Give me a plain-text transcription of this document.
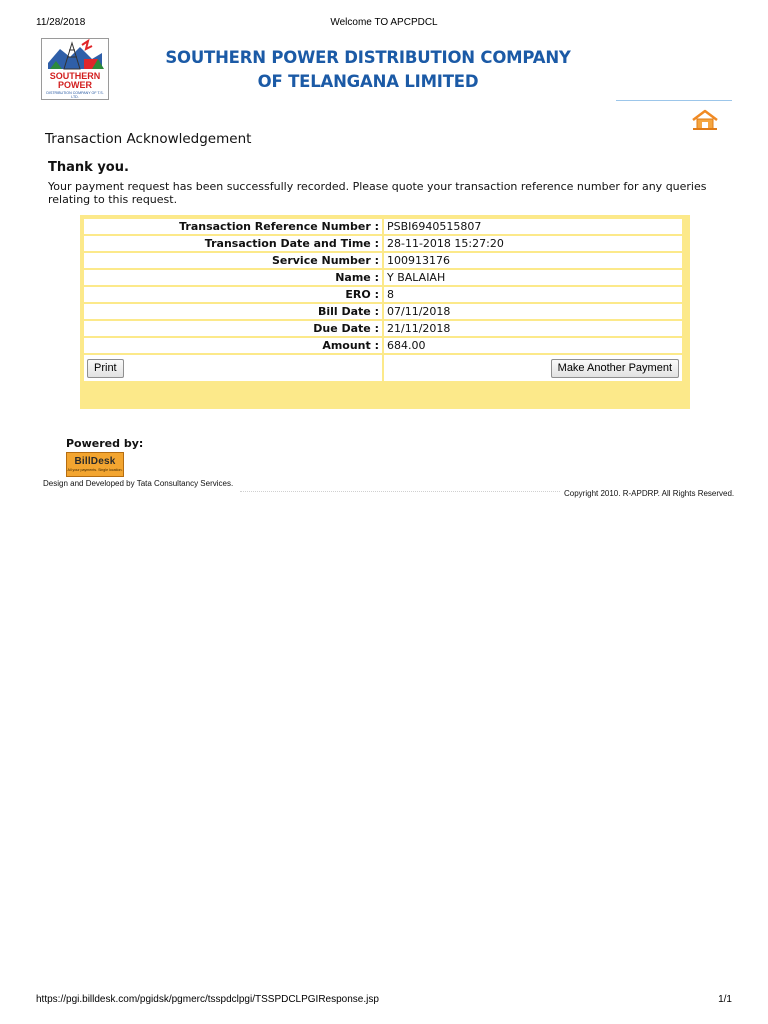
11/28/2018	Welcome TO APCPDCL
SOUTHERN
POWER
DISTRIBUTION COMPANY OF T.S. LTD.
SOUTHERN POWER DISTRIBUTION COMPANY
OF TELANGANA LIMITED
Transaction Acknowledgement
Thank you.
Your payment request has been successfully recorded. Please quote your transaction reference number for any queries relating to this request.
Transaction Reference Number :	PSBI6940515807
Transaction Date and Time :	28-11-2018 15:27:20
Service Number :	100913176
Name :	Y BALAIAH
ERO :	8
Bill Date :	07/11/2018
Due Date :	21/11/2018
Amount :	684.00
Print	Make Another Payment
Powered by:
BillDesk
All your payments. Single location.
Design and Developed by Tata Consultancy Services.
Copyright 2010. R-APDRP. All Rights Reserved.
https://pgi.billdesk.com/pgidsk/pgmerc/tsspdclpgi/TSSPDCLPGIResponse.jsp	1/1
